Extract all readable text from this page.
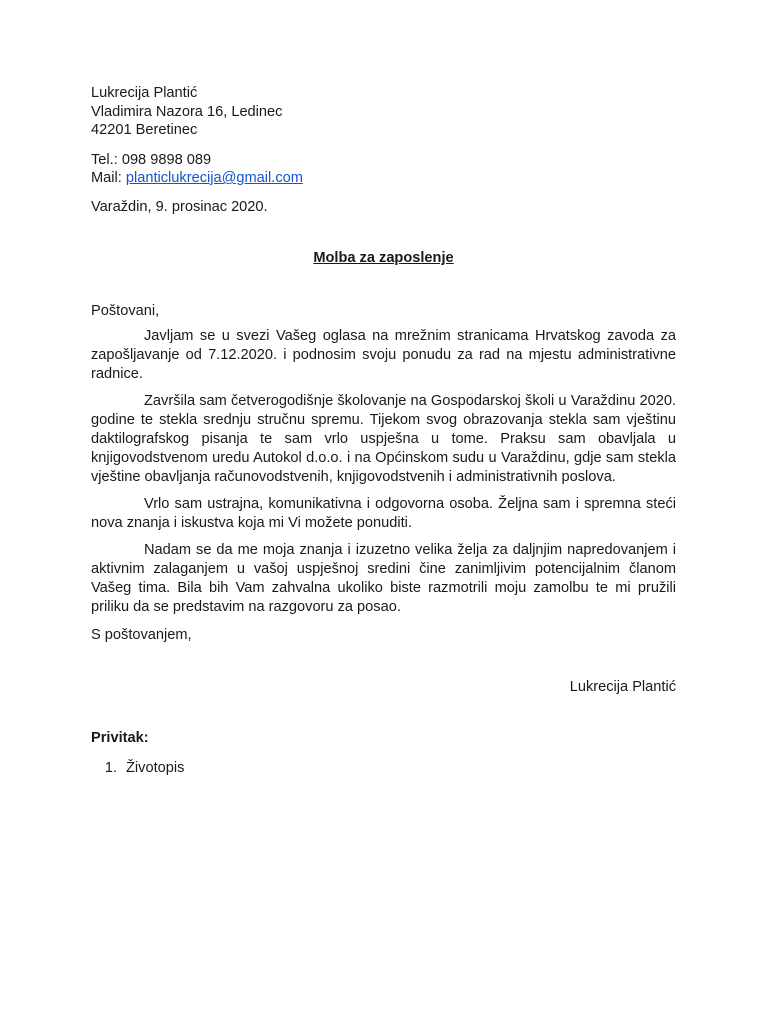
Lukrecija Plantić
Vladimira Nazora 16, Ledinec
42201 Beretinec
Tel.: 098 9898 089
Mail: planticlukrecija@gmail.com
Varaždin, 9. prosinac 2020.
Molba za zaposlenje
Poštovani,

Javljam se u svezi Vašeg oglasa na mrežnim stranicama Hrvatskog zavoda za zapošljavanje od 7.12.2020. i podnosim svoju ponudu za rad na mjestu administrativne radnice.

Završila sam četverogodišnje školovanje na Gospodarskoj školi u Varaždinu 2020. godine te stekla srednju stručnu spremu. Tijekom svog obrazovanja stekla sam vještinu daktilografskog pisanja te sam vrlo uspješna u tome. Praksu sam obavljala u knjigovodstvenom uredu Autokol d.o.o. i na Općinskom sudu u Varaždinu, gdje sam stekla vještine obavljanja računovodstvenih, knjigovodstvenih i administrativnih poslova.

Vrlo sam ustrajna, komunikativna i odgovorna osoba. Željna sam i spremna steći nova znanja i iskustva koja mi Vi možete ponuditi.

Nadam se da me moja znanja i izuzetno velika želja za daljnjim napredovanjem i aktivnim zalaganjem u vašoj uspješnoj sredini čine zanimljivim potencijalnim članom Vašeg tima. Bila bih Vam zahvalna ukoliko biste razmotrili moju zamolbu te mi pružili priliku da se predstavim na razgovoru za posao.

S poštovanjem,
Lukrecija Plantić
Privitak:
1. Životopis
